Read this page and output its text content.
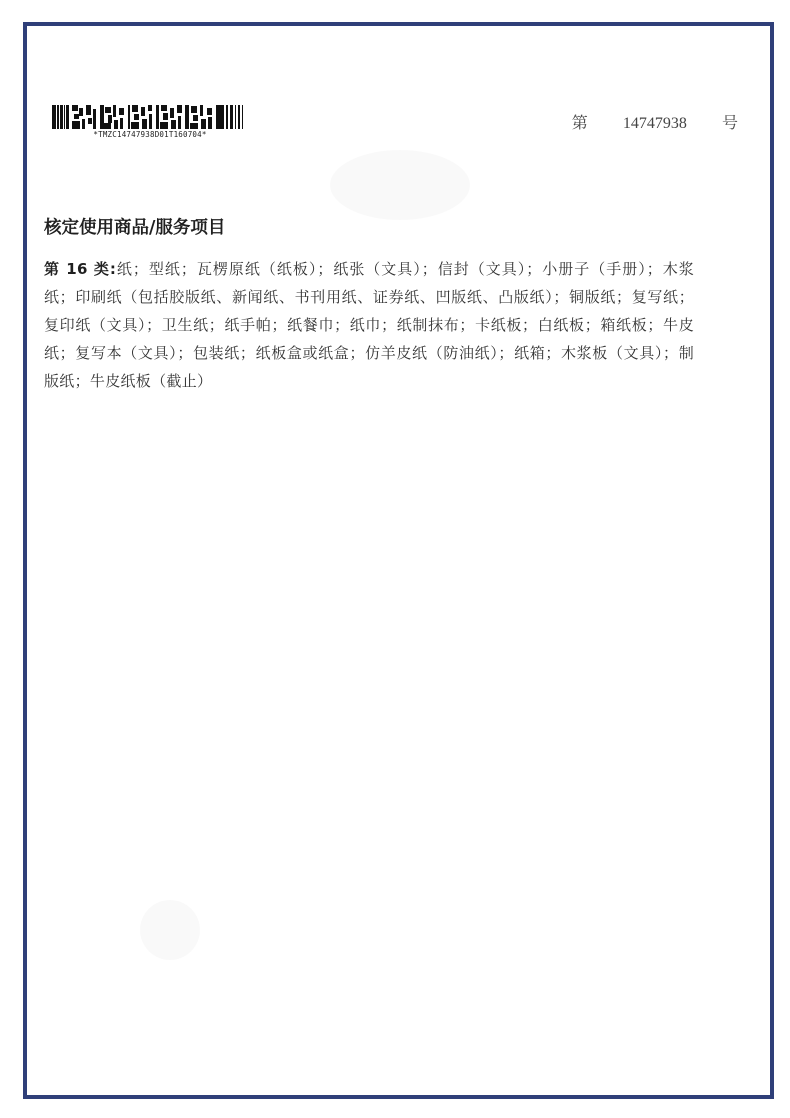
*TMZC14747938D01T160704*
第 14747938 号
核定使用商品/服务项目
第 16 类:纸；型纸；瓦楞原纸（纸板）；纸张（文具）；信封（文具）；小册子（手册）；木浆纸；印刷纸（包括胶版纸、新闻纸、书刊用纸、证券纸、凹版纸、凸版纸）；铜版纸；复写纸；复印纸（文具）；卫生纸；纸手帕；纸餐巾；纸巾；纸制抹布；卡纸板；白纸板；箱纸板；牛皮纸；复写本（文具）；包装纸；纸板盒或纸盒；仿羊皮纸（防油纸）；纸箱；木浆板（文具）；制版纸；牛皮纸板（截止）
